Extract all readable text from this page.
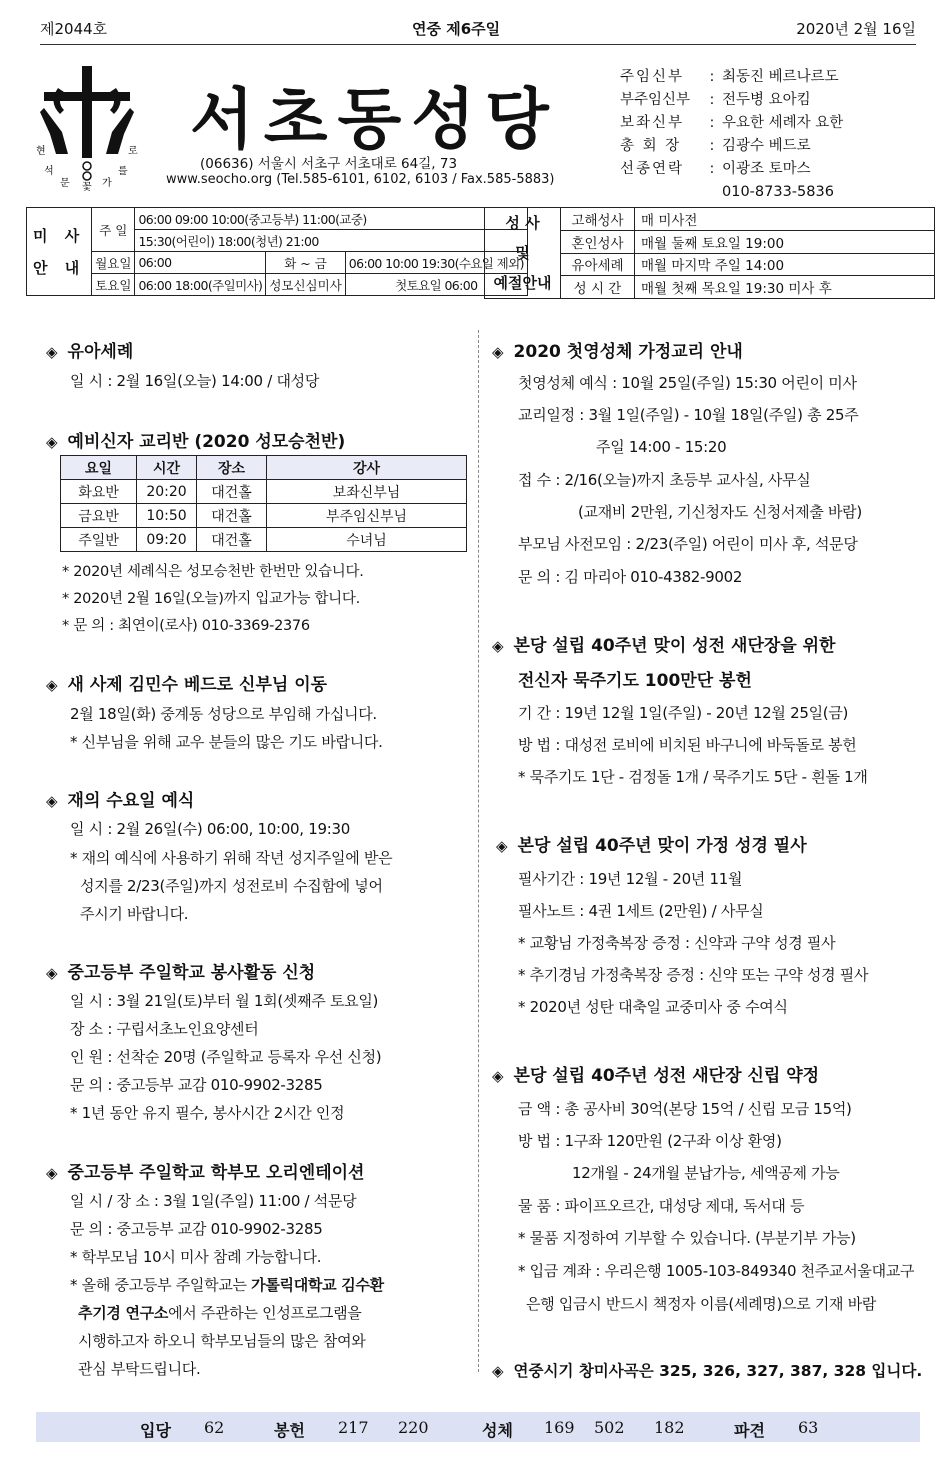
제2044호	연중 제6주일	2020년 2월 16일
현	로
석	를
문 꽃 가
서초동성당
(06636) 서울시 서초구 서초대로 64길, 73
www.seocho.org (Tel.585-6101, 6102, 6103 / Fax.585-5883)
주임신부	: 최동진 베르나르도
부주임신부	: 전두병 요아킴
보좌신부	: 우요한 세례자 요한
총 회 장	: 김광수 베드로
선종연락	: 이광조 토마스
010-8733-5836
미 사
안 내	주 일	06:00 09:00 10:00(중고등부) 11:00(교중)		
		15:30(어린이) 18:00(청년) 21:00		
	월요일	06:00	화 ~ 금	06:00 10:00 19:30(수요일 제외)
	토요일	06:00 18:00(주일미사)	성모신심미사	첫토요일 06:00
성 사
및
예절안내	고해성사	매 미사전
	혼인성사	매월 둘째 토요일 19:00
	유아세례	매월 마지막 주일 14:00
	성 시 간	매월 첫째 목요일 19:30 미사 후
◈ 유아세례
일 시 : 2월 16일(오늘) 14:00 / 대성당
◈ 예비신자 교리반 (2020 성모승천반)
요일	시간	장소	강사
화요반	20:20	대건홀	보좌신부님
금요반	10:50	대건홀	부주임신부님
주일반	09:20	대건홀	수녀님
* 2020년 세례식은 성모승천반 한번만 있습니다.
* 2020년 2월 16일(오늘)까지 입교가능 합니다.
* 문 의 : 최연이(로사) 010-3369-2376
◈ 새 사제 김민수 베드로 신부님 이동
2월 18일(화) 중계동 성당으로 부임해 가십니다.
* 신부님을 위해 교우 분들의 많은 기도 바랍니다.
◈ 재의 수요일 예식
일 시 : 2월 26일(수) 06:00, 10:00, 19:30
* 재의 예식에 사용하기 위해 작년 성지주일에 받은
성지를 2/23(주일)까지 성전로비 수집함에 넣어
주시기 바랍니다.
◈ 중고등부 주일학교 봉사활동 신청
일 시 : 3월 21일(토)부터 월 1회(셋째주 토요일)
장 소 : 구립서초노인요양센터
인 원 : 선착순 20명 (주일학교 등록자 우선 신청)
문 의 : 중고등부 교감 010-9902-3285
* 1년 동안 유지 필수, 봉사시간 2시간 인정
◈ 중고등부 주일학교 학부모 오리엔테이션
일 시 / 장 소 : 3월 1일(주일) 11:00 / 석문당
문 의 : 중고등부 교감 010-9902-3285
* 학부모님 10시 미사 참례 가능합니다.
* 올해 중고등부 주일학교는 가톨릭대학교 김수환
추기경 연구소에서 주관하는 인성프로그램을
시행하고자 하오니 학부모님들의 많은 참여와
관심 부탁드립니다.
◈ 2020 첫영성체 가정교리 안내
첫영성체 예식 : 10월 25일(주일) 15:30 어린이 미사
교리일정 : 3월 1일(주일) - 10월 18일(주일) 총 25주
주일 14:00 - 15:20
접 수 : 2/16(오늘)까지 초등부 교사실, 사무실
(교재비 2만원, 기신청자도 신청서제출 바람)
부모님 사전모임 : 2/23(주일) 어린이 미사 후, 석문당
문 의 : 김 마리아 010-4382-9002
◈ 본당 설립 40주년 맞이 성전 새단장을 위한
전신자 묵주기도 100만단 봉헌
기 간 : 19년 12월 1일(주일) - 20년 12월 25일(금)
방 법 : 대성전 로비에 비치된 바구니에 바둑돌로 봉헌
* 묵주기도 1단 - 검정돌 1개 / 묵주기도 5단 - 흰돌 1개
◈ 본당 설립 40주년 맞이 가정 성경 필사
필사기간 : 19년 12월 - 20년 11월
필사노트 : 4권 1세트 (2만원) / 사무실
* 교황님 가정축복장 증정 : 신약과 구약 성경 필사
* 추기경님 가정축복장 증정 : 신약 또는 구약 성경 필사
* 2020년 성탄 대축일 교중미사 중 수여식
◈ 본당 설립 40주년 성전 새단장 신립 약정
금 액 : 총 공사비 30억(본당 15억 / 신립 모금 15억)
방 법 : 1구좌 120만원 (2구좌 이상 환영)
12개월 - 24개월 분납가능, 세액공제 가능
물 품 : 파이프오르간, 대성당 제대, 독서대 등
* 물품 지정하여 기부할 수 있습니다. (부분기부 가능)
* 입금 계좌 : 우리은행 1005-103-849340 천주교서울대교구
은행 입금시 반드시 책정자 이름(세례명)으로 기재 바람
◈ 연중시기 창미사곡은 325, 326, 327, 387, 328 입니다.
입당 62	봉헌 217 220	성체 169 502 182	파견 63
